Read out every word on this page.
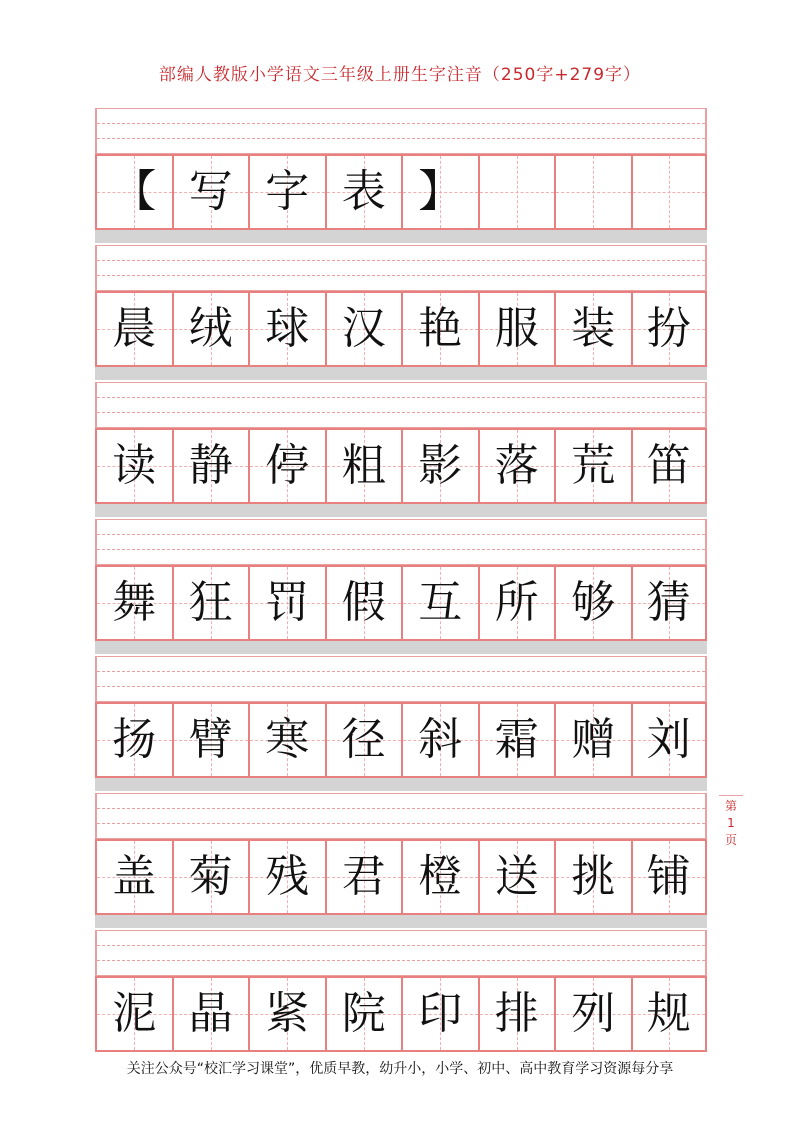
部编人教版小学语文三年级上册生字注音（250字+279字）
【 写 字 表 】
晨 绒 球 汉 艳 服 装 扮
读 静 停 粗 影 落 荒 笛
舞 狂 罚 假 互 所 够 猜
扬 臂 寒 径 斜 霜 赠 刘
盖 菊 残 君 橙 送 挑 铺
泥 晶 紧 院 印 排 列 规
第
1
页
关注公众号“校汇学习课堂”，优质早教，幼升小，小学、初中、高中教育学习资源每分享
